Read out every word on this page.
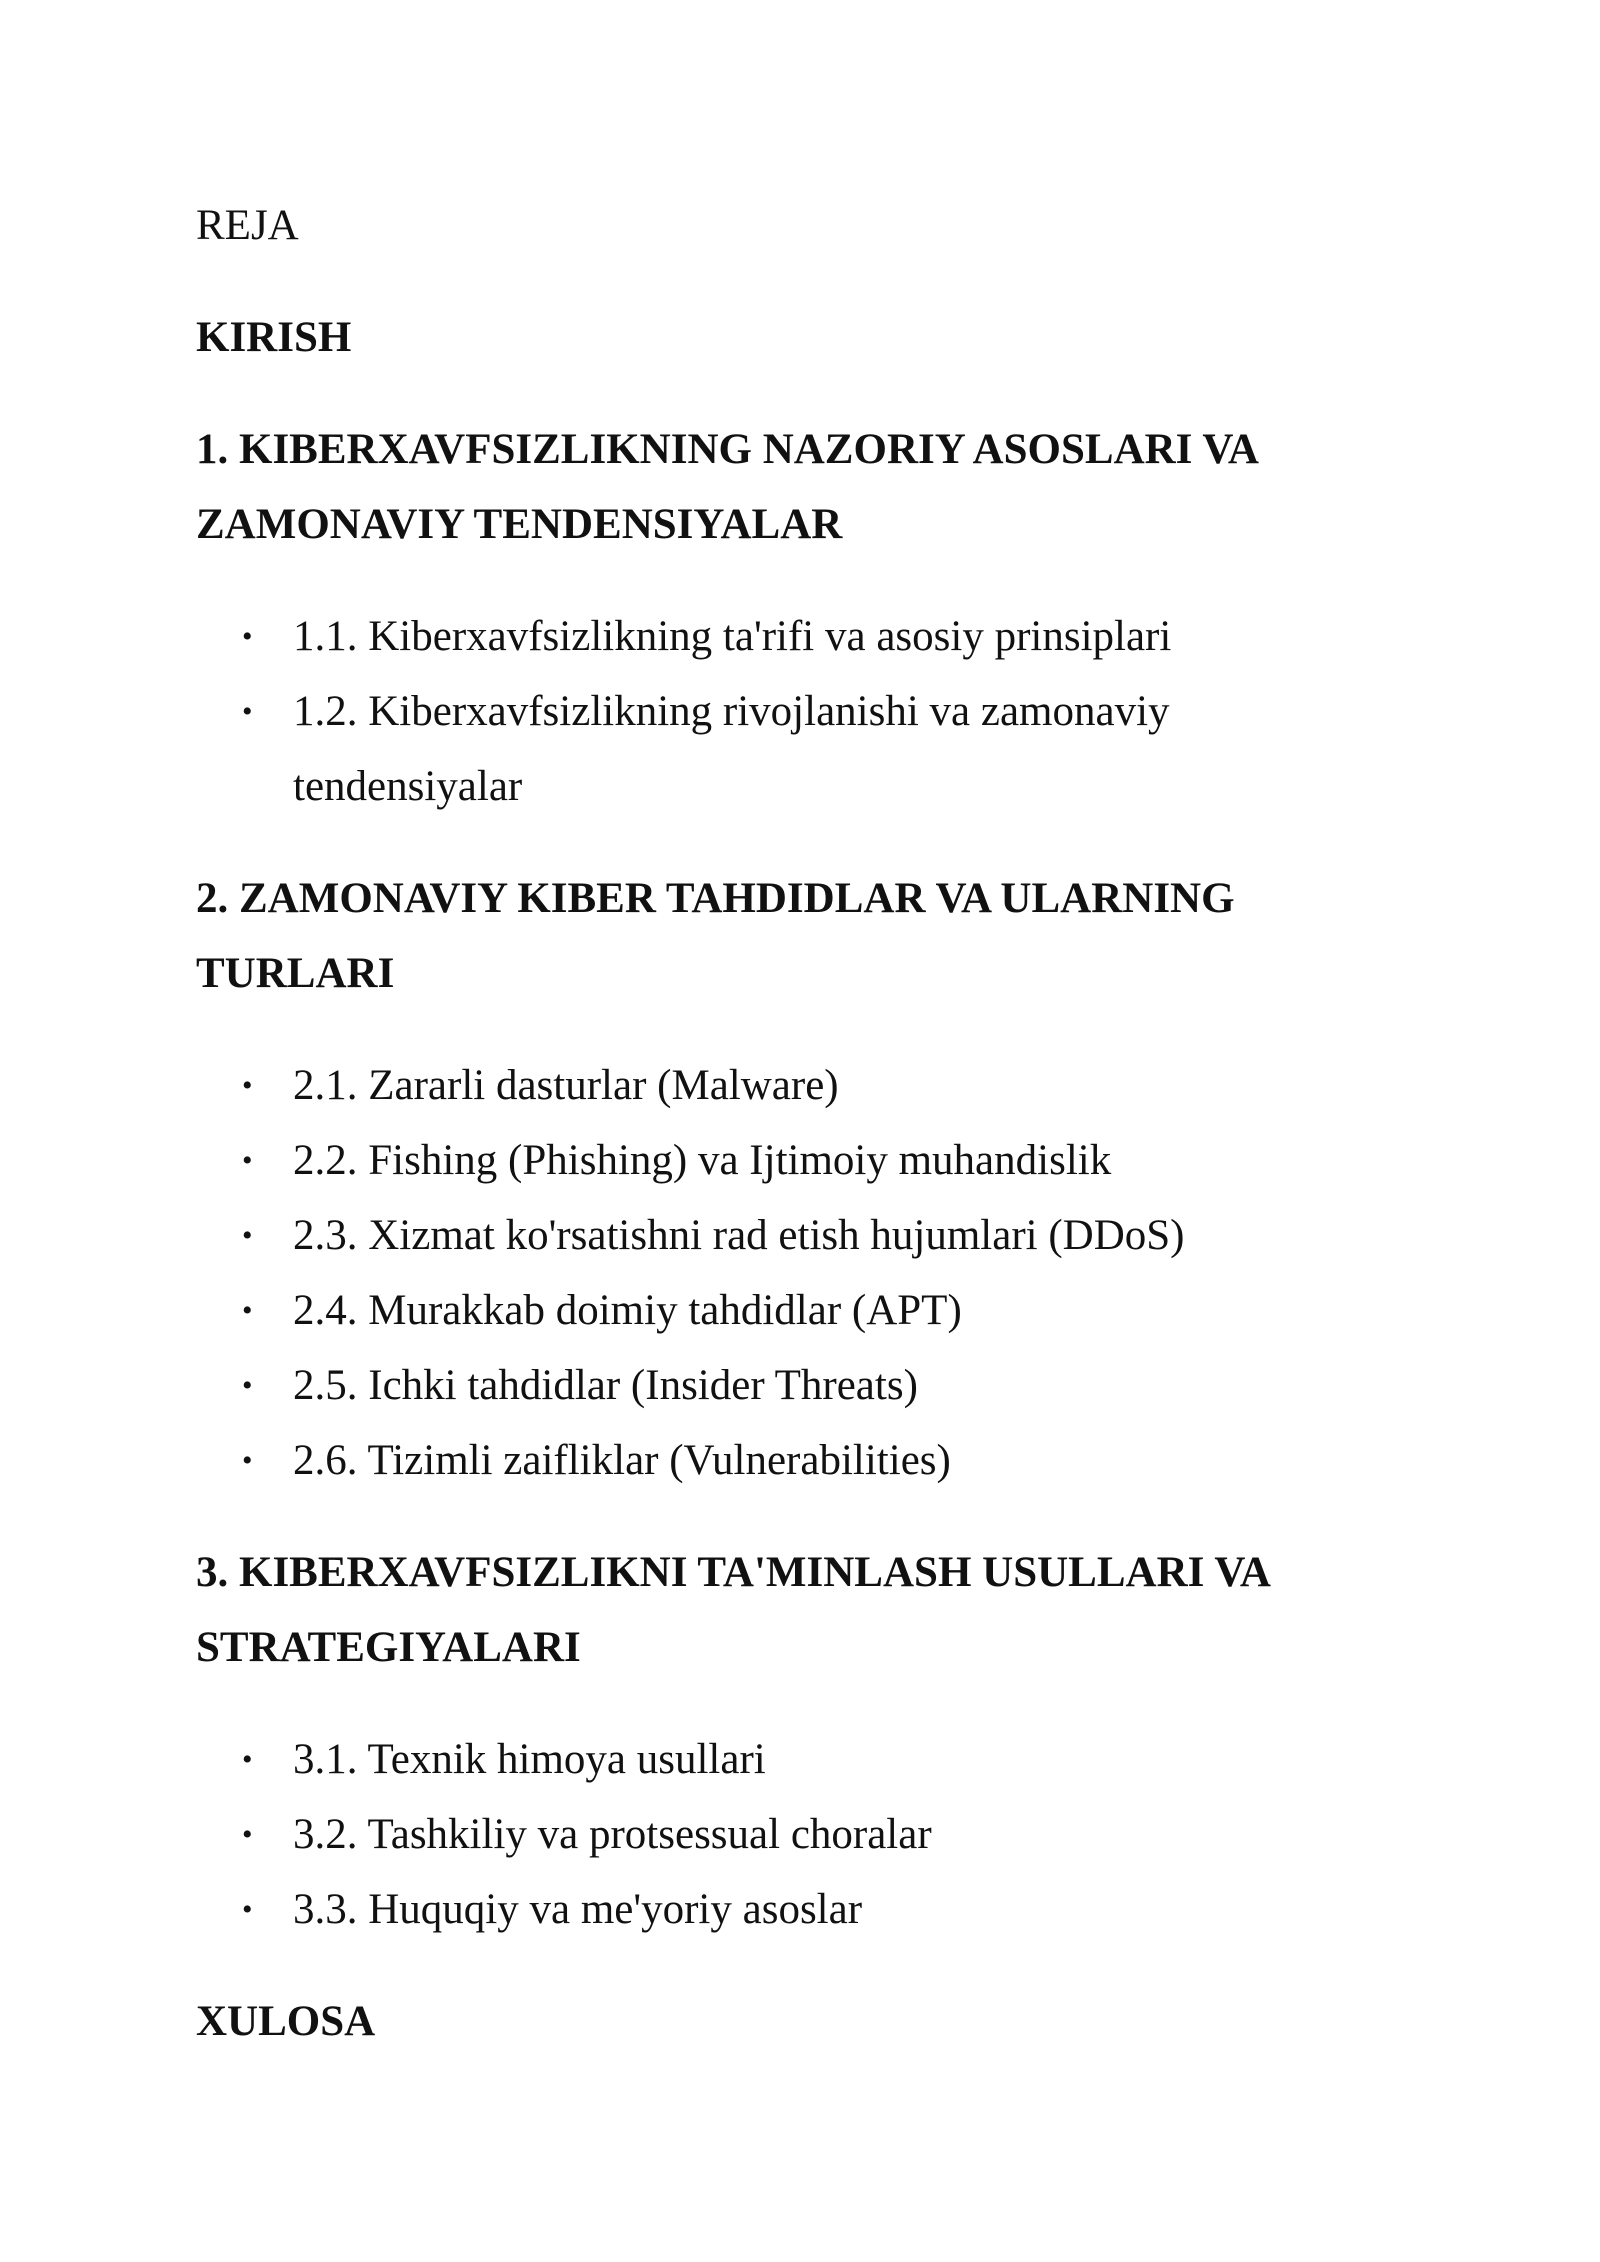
REJA

KIRISH
1. KIBERXAVFSIZLIKNING NAZORIY ASOSLARI VA ZAMONAVIY TENDENSIYALAR
• 1.1. Kiberxavfsizlikning ta'rifi va asosiy prinsiplari
• 1.2. Kiberxavfsizlikning rivojlanishi va zamonaviy tendensiyalar
2. ZAMONAVIY KIBER TAHDIDLAR VA ULARNING TURLARI
• 2.1. Zararli dasturlar (Malware)
• 2.2. Fishing (Phishing) va Ijtimoiy muhandislik
• 2.3. Xizmat ko'rsatishni rad etish hujumlari (DDoS)
• 2.4. Murakkab doimiy tahdidlar (APT)
• 2.5. Ichki tahdidlar (Insider Threats)
• 2.6. Tizimli zaifliklar (Vulnerabilities)
3. KIBERXAVFSIZLIKNI TA'MINLASH USULLARI VA STRATEGIYALARI
• 3.1. Texnik himoya usullari
• 3.2. Tashkiliy va protsessual choralar
• 3.3. Huquqiy va me'yoriy asoslar
XULOSA
